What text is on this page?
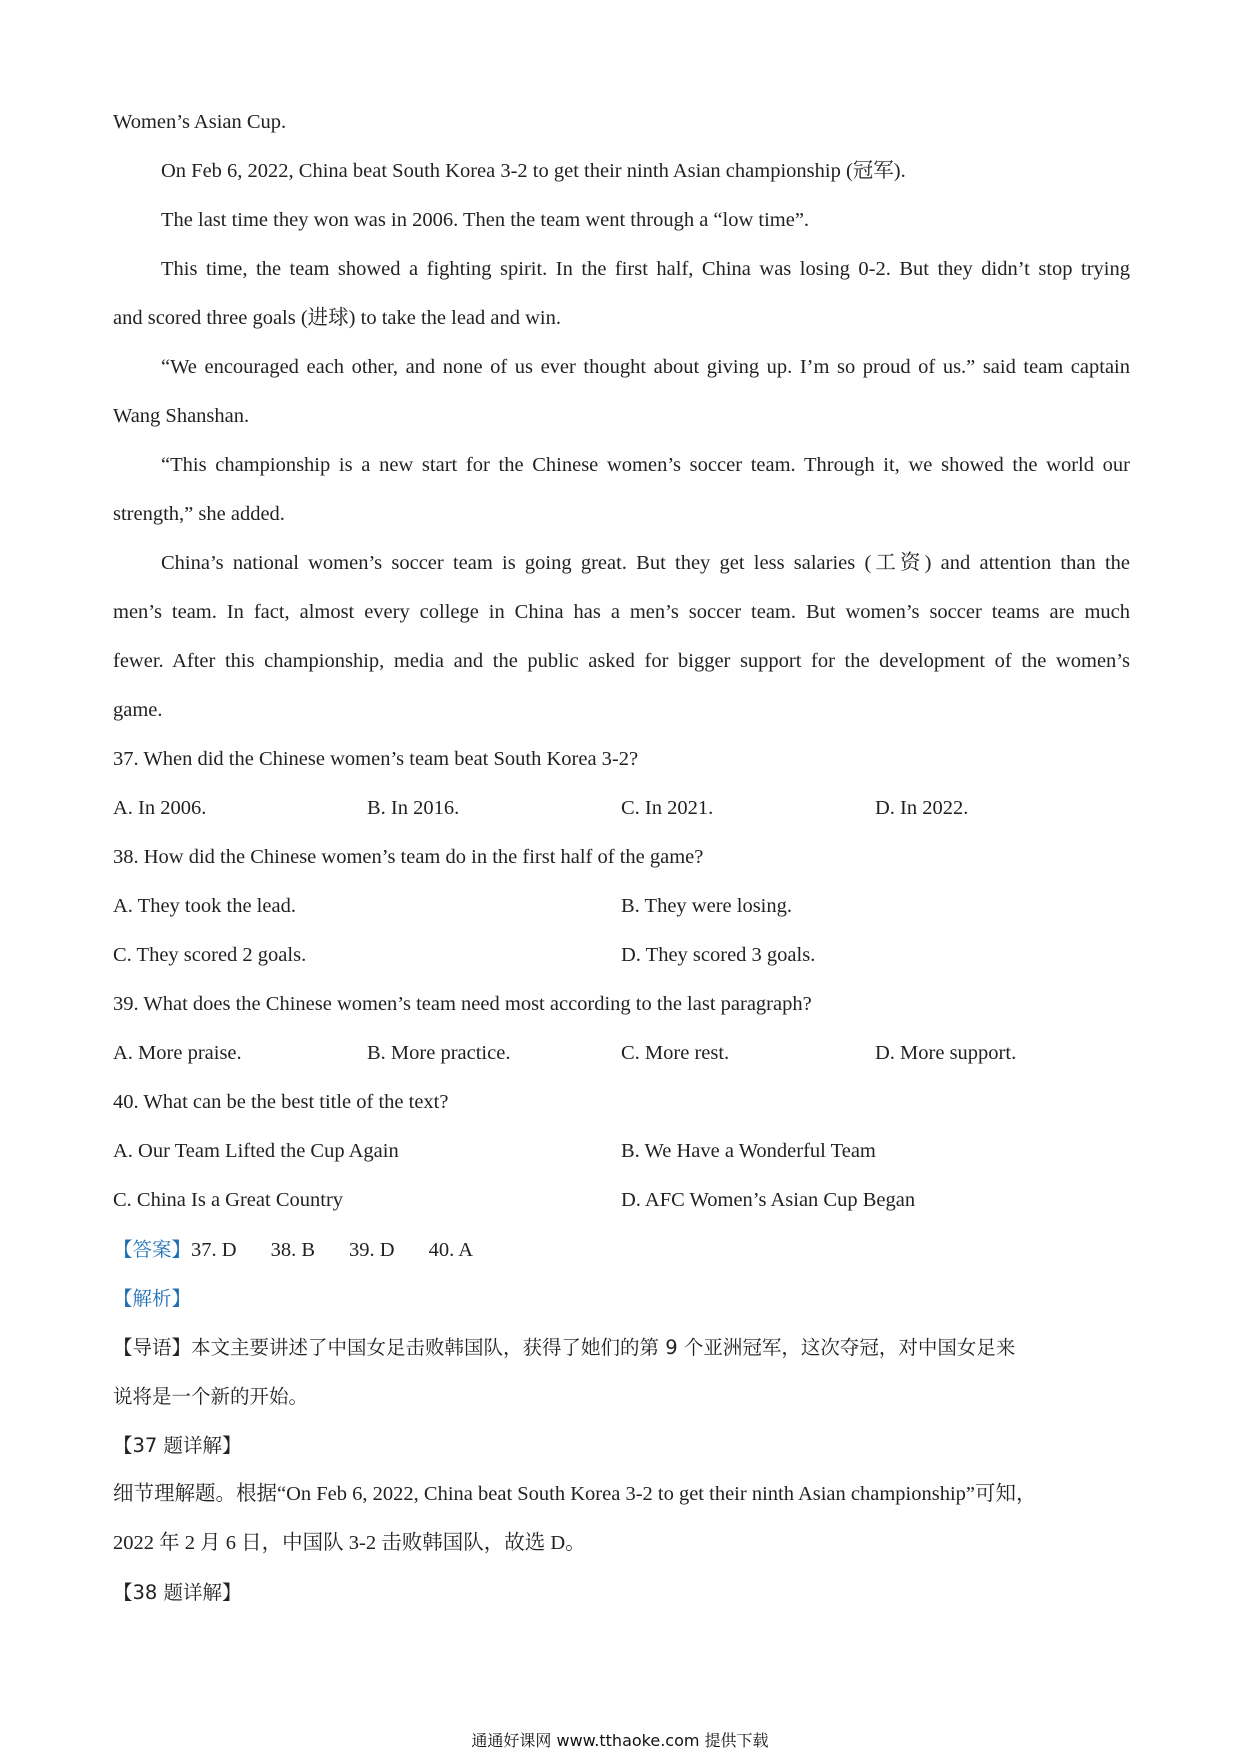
Women’s Asian Cup.
On Feb 6, 2022, China beat South Korea 3-2 to get their ninth Asian championship (冠军).
The last time they won was in 2006. Then the team went through a “low time”.
This time, the team showed a fighting spirit. In the first half, China was losing 0-2. But they didn’t stop trying
and scored three goals (进球) to take the lead and win.
“We encouraged each other, and none of us ever thought about giving up. I’m so proud of us.” said team captain
Wang Shanshan.
“This championship is a new start for the Chinese women’s soccer team. Through it, we showed the world our
strength,” she added.
China’s national women’s soccer team is going great. But they get less salaries (工资) and attention than the
men’s team. In fact, almost every college in China has a men’s soccer team. But women’s soccer teams are much
fewer. After this championship, media and the public asked for bigger support for the development of the women’s
game.
37. When did the Chinese women’s team beat South Korea 3-2?
A. In 2006.	B. In 2016.	C. In 2021.	D. In 2022.
38. How did the Chinese women’s team do in the first half of the game?
A. They took the lead.	B. They were losing.
C. They scored 2 goals.	D. They scored 3 goals.
39. What does the Chinese women’s team need most according to the last paragraph?
A. More praise.	B. More practice.	C. More rest.	D. More support.
40. What can be the best title of the text?
A. Our Team Lifted the Cup Again	B. We Have a Wonderful Team
C. China Is a Great Country	D. AFC Women’s Asian Cup Began
【答案】37. D 38. B 39. D 40. A
【解析】
【导语】本文主要讲述了中国女足击败韩国队，获得了她们的第 9 个亚洲冠军，这次夺冠，对中国女足来
说将是一个新的开始。
【37 题详解】
细节理解题。根据“On Feb 6, 2022, China beat South Korea 3-2 to get their ninth Asian championship”可知，
2022 年 2 月 6 日，中国队 3-2 击败韩国队，故选 D。
【38 题详解】
通通好课网 www.tthaoke.com 提供下载
